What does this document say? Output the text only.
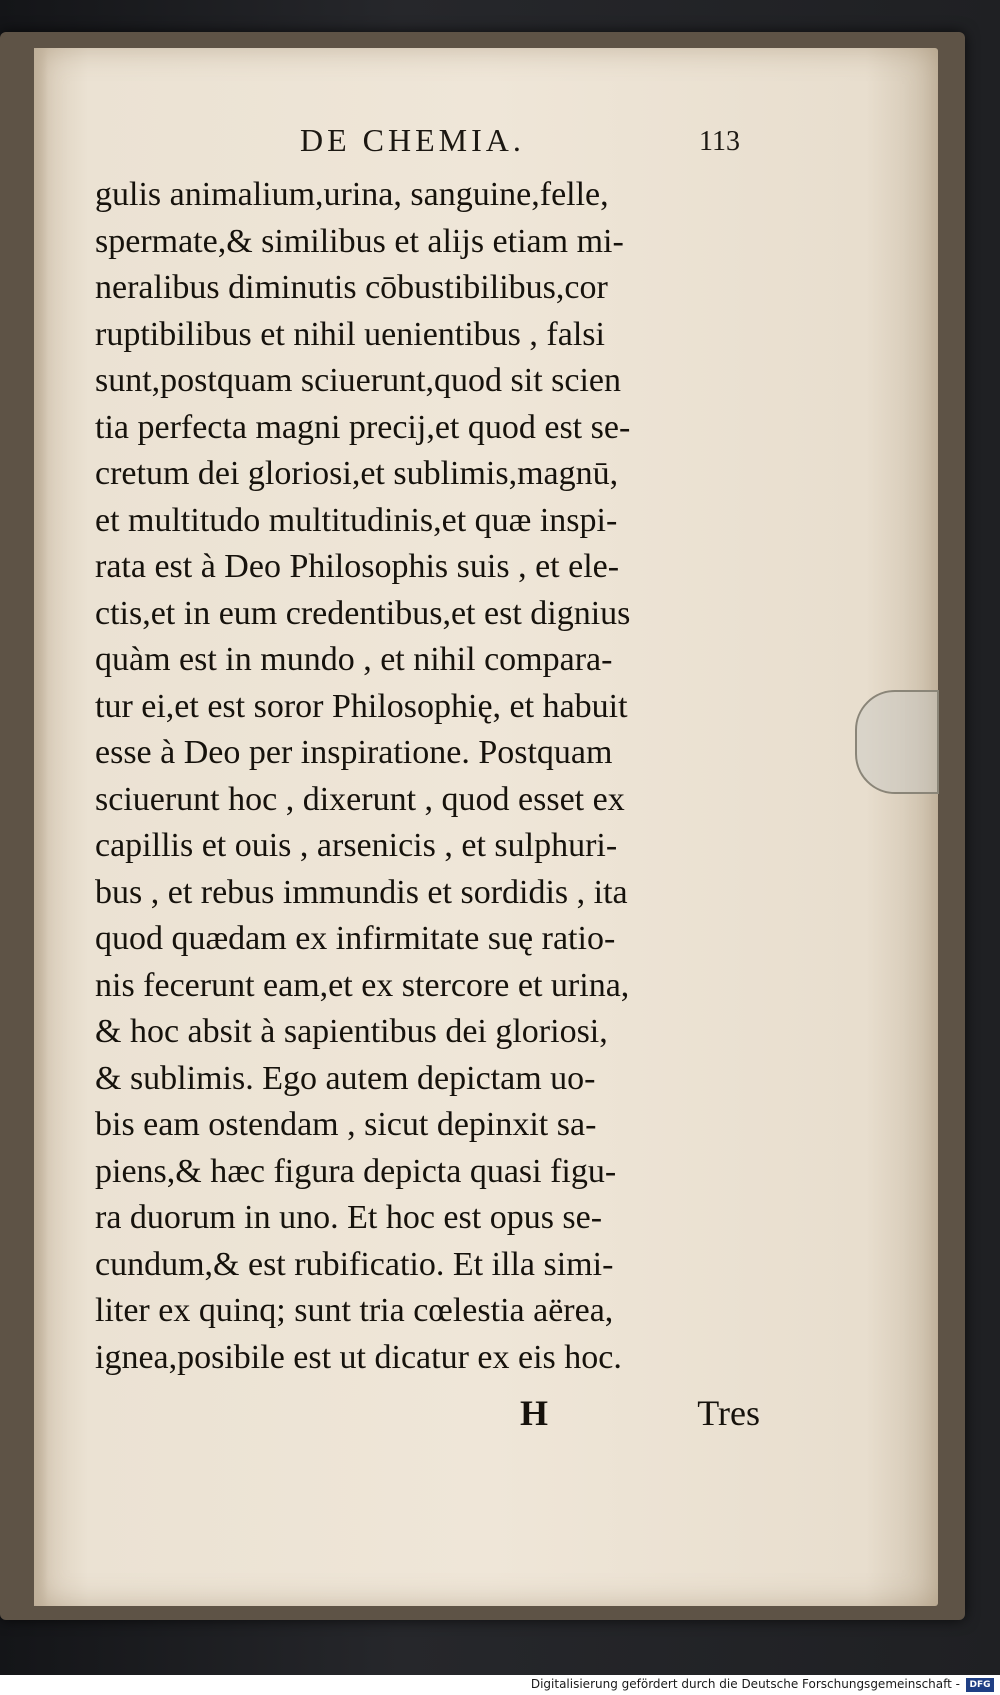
DE CHEMIA.	113
gulis animalium,urina, sanguine,felle,
spermate,& similibus et alijs etiam mi-
neralibus diminutis cōbustibilibus,cor
ruptibilibus et nihil uenientibus , falsi
sunt,postquam sciuerunt,quod sit scien
tia perfecta magni precij,et quod est se-
cretum dei gloriosi,et sublimis,magnū,
et multitudo multitudinis,et quæ inspi-
rata est à Deo Philosophis suis , et ele-
ctis,et in eum credentibus,et est dignius
quàm est in mundo , et nihil compara-
tur ei,et est soror Philosophię, et habuit
esse à Deo per inspiratione. Postquam
sciuerunt hoc , dixerunt , quod esset ex
capillis et ouis , arsenicis , et sulphuri-
bus , et rebus immundis et sordidis , ita
quod quædam ex infirmitate suę ratio-
nis fecerunt eam,et ex stercore et urina,
& hoc absit à sapientibus dei gloriosi,
& sublimis. Ego autem depictam uo-
bis eam ostendam , sicut depinxit sa-
piens,& hæc figura depicta quasi figu-
ra duorum in uno. Et hoc est opus se-
cundum,& est rubificatio. Et illa simi-
liter ex quinq; sunt tria cœlestia aërea,
ignea,posibile est ut dicatur ex eis hoc.
H	Tres
Digitalisierung gefördert durch die Deutsche Forschungsgemeinschaft -	DFG
